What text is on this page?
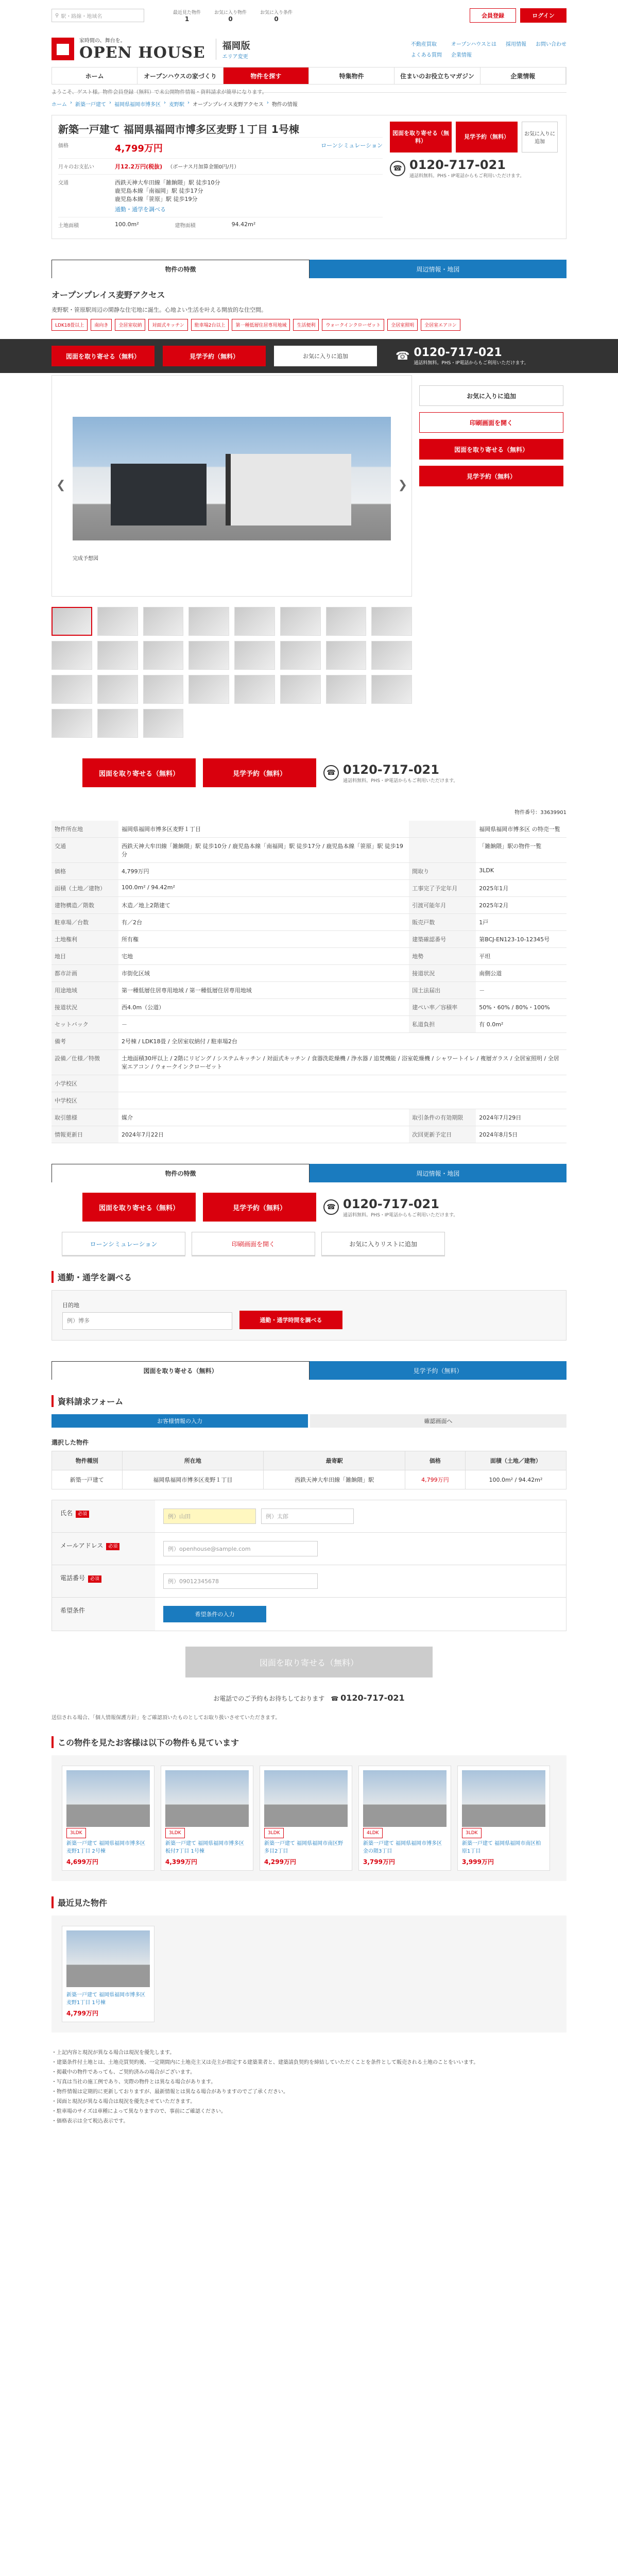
⚲ 駅・路線・地域名
最近見た物件
1
お気に入り物件
0
お気に入り条件
0	会員登録	ログイン
家時間の、舞台を。
OPEN HOUSE 福岡版
エリア変更
不動産買取	オープンハウスとは 採用情報 お問い合わせ
よくある質問 企業情報
ホーム	オープンハウスの家づくり	物件を探す	特集物件	住まいのお役立ちマガジン	企業情報
ようこそ、ゲスト様。物件会員登録（無料）で未公開物件情報・資料請求が簡単になります。
ホーム › 新築一戸建て › 福岡県福岡市博多区 › 麦野駅 › オープンプレイス麦野アクセス › 物件の情報
新築一戸建て 福岡県福岡市博多区麦野１丁目 1号棟
価格	4,799万円	ローンシミュレーション
月々のお支払い	月12.2万円(税抜) （ボーナス月加算金額0円/月）
交通	西鉄天神大牟田線「雑餉隈」駅 徒歩10分
鹿児島本線「南福岡」駅 徒歩17分
鹿児島本線「笹原」駅 徒歩19分
通勤・通学を調べる
土地面積	100.0m²	建物面積	94.42m²
図面を取り寄せる（無料）
見学予約（無料）	お気に入りに追加
☎ 0120-717-021
通話料無料。PHS・IP電話からもご利用いただけます。
物件の特徴	周辺情報・地図
オープンプレイス麦野アクセス

麦野駅・笹原駅周辺の閑静な住宅地に誕生。心地よい生活を叶える開放的な住空間。

LDK18畳以上	南向き	全居室収納	対面式キッチン	駐車場2台以上	第一種低層住居専用地域	生活便利	ウォークインクローゼット	全居室照明	全居室エアコン
図面を取り寄せる（無料）	見学予約（無料）	お気に入りに追加	☎ 0120-717-021
通話料無料。PHS・IP電話からもご利用いただけます。
❮	❯
完成予想図
お気に入りに追加
印刷画面を開く
図面を取り寄せる（無料）
見学予約（無料）
図面を取り寄せる（無料）	見学予約（無料）	☎ 0120-717-021
通話料無料。PHS・IP電話からもご利用いただけます。
物件番号：33639901
物件所在地	福岡県福岡市博多区麦野１丁目		福岡県福岡市博多区 の特売一覧
交通	西鉄天神大牟田線「雑餉隈」駅 徒歩10分 / 鹿児島本線「南福岡」駅 徒歩17分 / 鹿児島本線「笹原」駅 徒歩19分		「雑餉隈」駅の物件一覧
価格	4,799万円	間取り	3LDK
面積（土地／建物）	100.0m² / 94.42m²	工事完了予定年月	2025年1月
建物構造／階数	木造／地上2階建て	引渡可能年月	2025年2月
駐車場／台数	有／2台	販売戸数	1戸
土地権利	所有権	建築確認番号	第BCJ-EN123-10-12345号
地目	宅地	地勢	平坦
都市計画	市街化区域	接道状況	南側公道
用途地域	第一種低層住居専用地域 / 第一種低層住居専用地域	国土法届出	－
接道状況	西4.0m（公道）	建ぺい率／容積率	50%・60% / 80%・100%
セットバック	－	私道負担	有 0.0m²
備考	2号棟 / LDK18畳 / 全居室収納付 / 駐車場2台		
設備／仕様／特徴	土地面積30坪以上 / 2階にリビング / システムキッチン / 対面式キッチン / 食器洗乾燥機 / 浄水器 / 追焚機能 / 浴室乾燥機 / シャワートイレ / 複層ガラス / 全居室照明 / 全居室エアコン / ウォークインクローゼット		
小学校区			
中学校区			
取引態様	媒介	取引条件の有効期限	2024年7月29日
情報更新日	2024年7月22日	次回更新予定日	2024年8月5日
物件の特徴	周辺情報・地図
図面を取り寄せる（無料）	見学予約（無料）	☎ 0120-717-021
通話料無料。PHS・IP電話からもご利用いただけます。
ローンシミュレーション	印刷画面を開く	お気に入りリストに追加
通勤・通学を調べる
目的地
例）博多
通勤・通学時間を調べる
図面を取り寄せる（無料）	見学予約（無料）
資料請求フォーム
お客様情報の入力	確認画面へ
選択した物件
物件種別	所在地	最寄駅	価格	面積（土地／建物）
新築一戸建て	福岡県福岡市博多区麦野１丁目	西鉄天神大牟田線「雑餉隈」駅	4,799万円	100.0m² / 94.42m²
氏名 必須	例）山田	例）太郎
メールアドレス 必須	例）openhouse@sample.com
電話番号 必須	例）09012345678
希望条件
希望条件の入力
図面を取り寄せる（無料）
お電話でのご予約もお待ちしております　☎ 0120-717-021

送信される場合、「個人情報保護方針」をご確認頂いたものとしてお取り扱いさせていただきます。

この物件を見たお客様は以下の物件も見ています
3LDK
新築一戸建て 福岡県福岡市博多区麦野1丁目 2号棟
4,699万円
3LDK
新築一戸建て 福岡県福岡市博多区板付7丁目 1号棟
4,399万円
3LDK
新築一戸建て 福岡県福岡市南区野多目2丁目
4,299万円
4LDK
新築一戸建て 福岡県福岡市博多区金の隈3丁目
3,799万円
3LDK
新築一戸建て 福岡県福岡市南区柏原1丁目
3,999万円
最近見た物件
新築一戸建て 福岡県福岡市博多区麦野1丁目 1号棟
4,799万円
・ 上記内容と現況が異なる場合は現況を優先します。
・ 建築条件付土地とは、土地売買契約後、一定期間内に土地売主又は売主が指定する建築業者と、建築請負契約を締結していただくことを条件として販売される土地のことをいいます。
・ 掲載中の物件であっても、ご契約済みの場合がございます。
・ 写真は当社の施工例であり、実際の物件とは異なる場合があります。
・ 物件情報は定期的に更新しておりますが、最新情報とは異なる場合がありますのでご了承ください。
・ 図面と現況が異なる場合は現況を優先させていただきます。
・ 駐車場のサイズは車種によって異なりますので、事前にご確認ください。
・ 価格表示は全て税込表示です。
